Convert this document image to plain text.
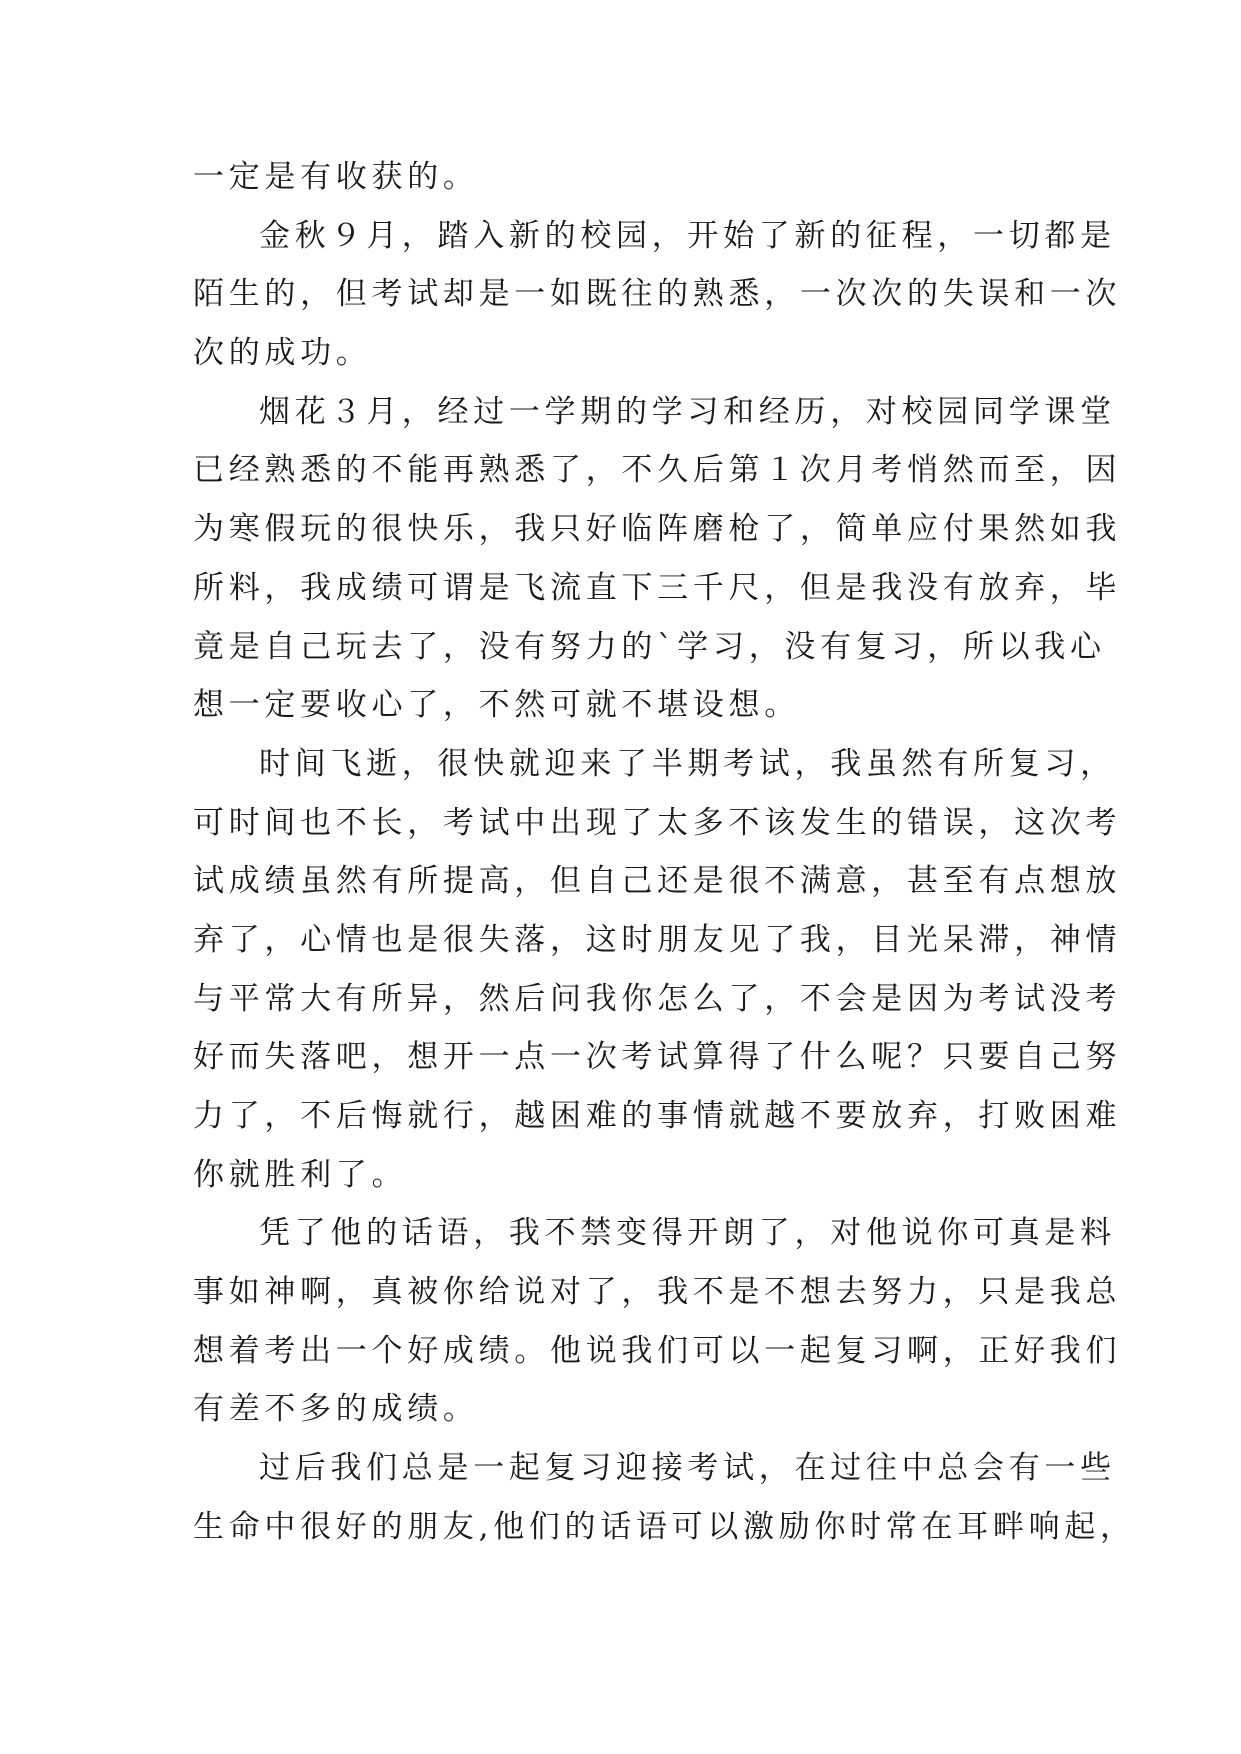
一定是有收获的。
金秋９月，踏入新的校园，开始了新的征程，一切都是
陌生的，但考试却是一如既往的熟悉，一次次的失误和一次
次的成功。
烟花３月，经过一学期的学习和经历，对校园同学课堂
已经熟悉的不能再熟悉了，不久后第１次月考悄然而至，因
为寒假玩的很快乐，我只好临阵磨枪了，简单应付果然如我
所料，我成绩可谓是飞流直下三千尺，但是我没有放弃，毕
竟是自己玩去了，没有努力的`学习，没有复习，所以我心
想一定要收心了，不然可就不堪设想。
时间飞逝，很快就迎来了半期考试，我虽然有所复习，
可时间也不长，考试中出现了太多不该发生的错误，这次考
试成绩虽然有所提高，但自己还是很不满意，甚至有点想放
弃了，心情也是很失落，这时朋友见了我，目光呆滞，神情
与平常大有所异，然后问我你怎么了，不会是因为考试没考
好而失落吧，想开一点一次考试算得了什么呢？只要自己努
力了，不后悔就行，越困难的事情就越不要放弃，打败困难
你就胜利了。
凭了他的话语，我不禁变得开朗了，对他说你可真是料
事如神啊，真被你给说对了，我不是不想去努力，只是我总
想着考出一个好成绩。他说我们可以一起复习啊，正好我们
有差不多的成绩。
过后我们总是一起复习迎接考试，在过往中总会有一些
生命中很好的朋友,他们的话语可以激励你时常在耳畔响起，
